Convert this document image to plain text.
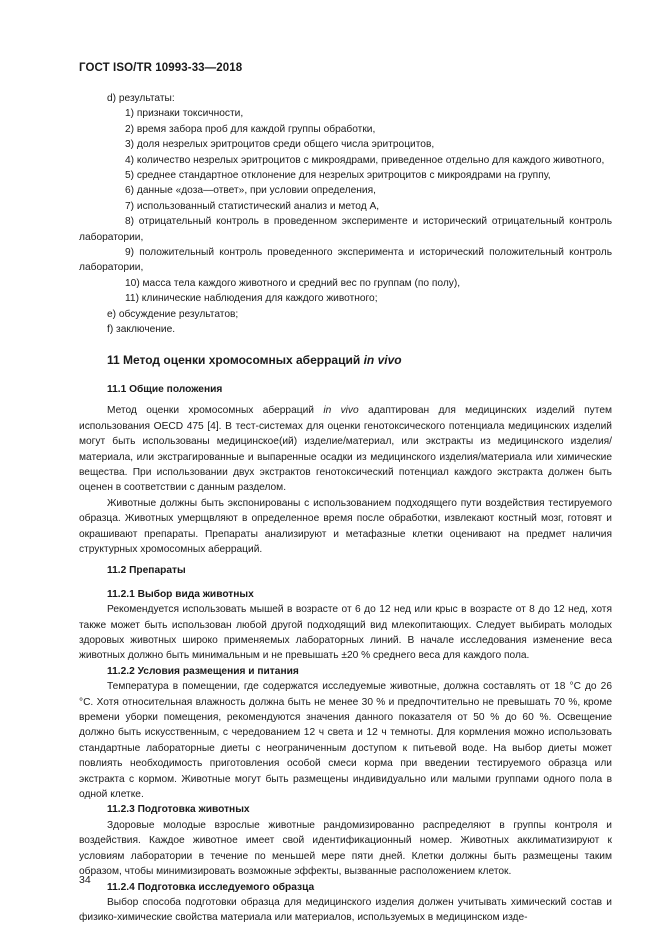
ГОСТ ISO/TR 10993-33—2018

d) результаты:

1) признаки токсичности,

2) время забора проб для каждой группы обработки,

3) доля незрелых эритроцитов среди общего числа эритроцитов,

4) количество незрелых эритроцитов с микроядрами, приведенное отдельно для каждого животного,

5) среднее стандартное отклонение для незрелых эритроцитов с микроядрами на группу,

6) данные «доза—ответ», при условии определения,

7) использованный статистический анализ и метод А,

8) отрицательный контроль в проведенном эксперименте и исторический отрицательный контроль лаборатории,

9) положительный контроль проведенного эксперимента и исторический положительный контроль лаборатории,

10) масса тела каждого животного и средний вес по группам (по полу),

11) клинические наблюдения для каждого животного;

e) обсуждение результатов;

f) заключение.

11 Метод оценки хромосомных аберраций in vivo

11.1 Общие положения

Метод оценки хромосомных аберраций in vivo адаптирован для медицинских изделий путем использования OECD 475 [4]. В тест-системах для оценки генотоксического потенциала медицинских изделий могут быть использованы медицинское(ий) изделие/материал, или экстракты из медицинского изделия/материала, или экстрагированные и выпаренные осадки из медицинского изделия/материала или химические вещества. При использовании двух экстрактов генотоксический потенциал каждого экстракта должен быть оценен в соответствии с данным разделом.

Животные должны быть экспонированы с использованием подходящего пути воздействия тестируемого образца. Животных умерщвляют в определенное время после обработки, извлекают костный мозг, готовят и окрашивают препараты. Препараты анализируют и метафазные клетки оценивают на предмет наличия структурных хромосомных аберраций.

11.2 Препараты

11.2.1 Выбор вида животных

Рекомендуется использовать мышей в возрасте от 6 до 12 нед или крыс в возрасте от 8 до 12 нед, хотя также может быть использован любой другой подходящий вид млекопитающих. Следует выбирать молодых здоровых животных широко применяемых лабораторных линий. В начале исследования изменение веса животных должно быть минимальным и не превышать ±20 % среднего веса для каждого пола.

11.2.2 Условия размещения и питания

Температура в помещении, где содержатся исследуемые животные, должна составлять от 18 °С до 26 °С. Хотя относительная влажность должна быть не менее 30 % и предпочтительно не превышать 70 %, кроме времени уборки помещения, рекомендуются значения данного показателя от 50 % до 60 %. Освещение должно быть искусственным, с чередованием 12 ч света и 12 ч темноты. Для кормления можно использовать стандартные лабораторные диеты с неограниченным доступом к питьевой воде. На выбор диеты может повлиять необходимость приготовления особой смеси корма при введении тестируемого образца или экстракта с кормом. Животные могут быть размещены индивидуально или малыми группами одного пола в одной клетке.

11.2.3 Подготовка животных

Здоровые молодые взрослые животные рандомизированно распределяют в группы контроля и воздействия. Каждое животное имеет свой идентификационный номер. Животных акклиматизируют к условиям лаборатории в течение по меньшей мере пяти дней. Клетки должны быть размещены таким образом, чтобы минимизировать возможные эффекты, вызванные расположением клеток.

11.2.4 Подготовка исследуемого образца

Выбор способа подготовки образца для медицинского изделия должен учитывать химический состав и физико-химические свойства материала или материалов, используемых в медицинском изде-

34
